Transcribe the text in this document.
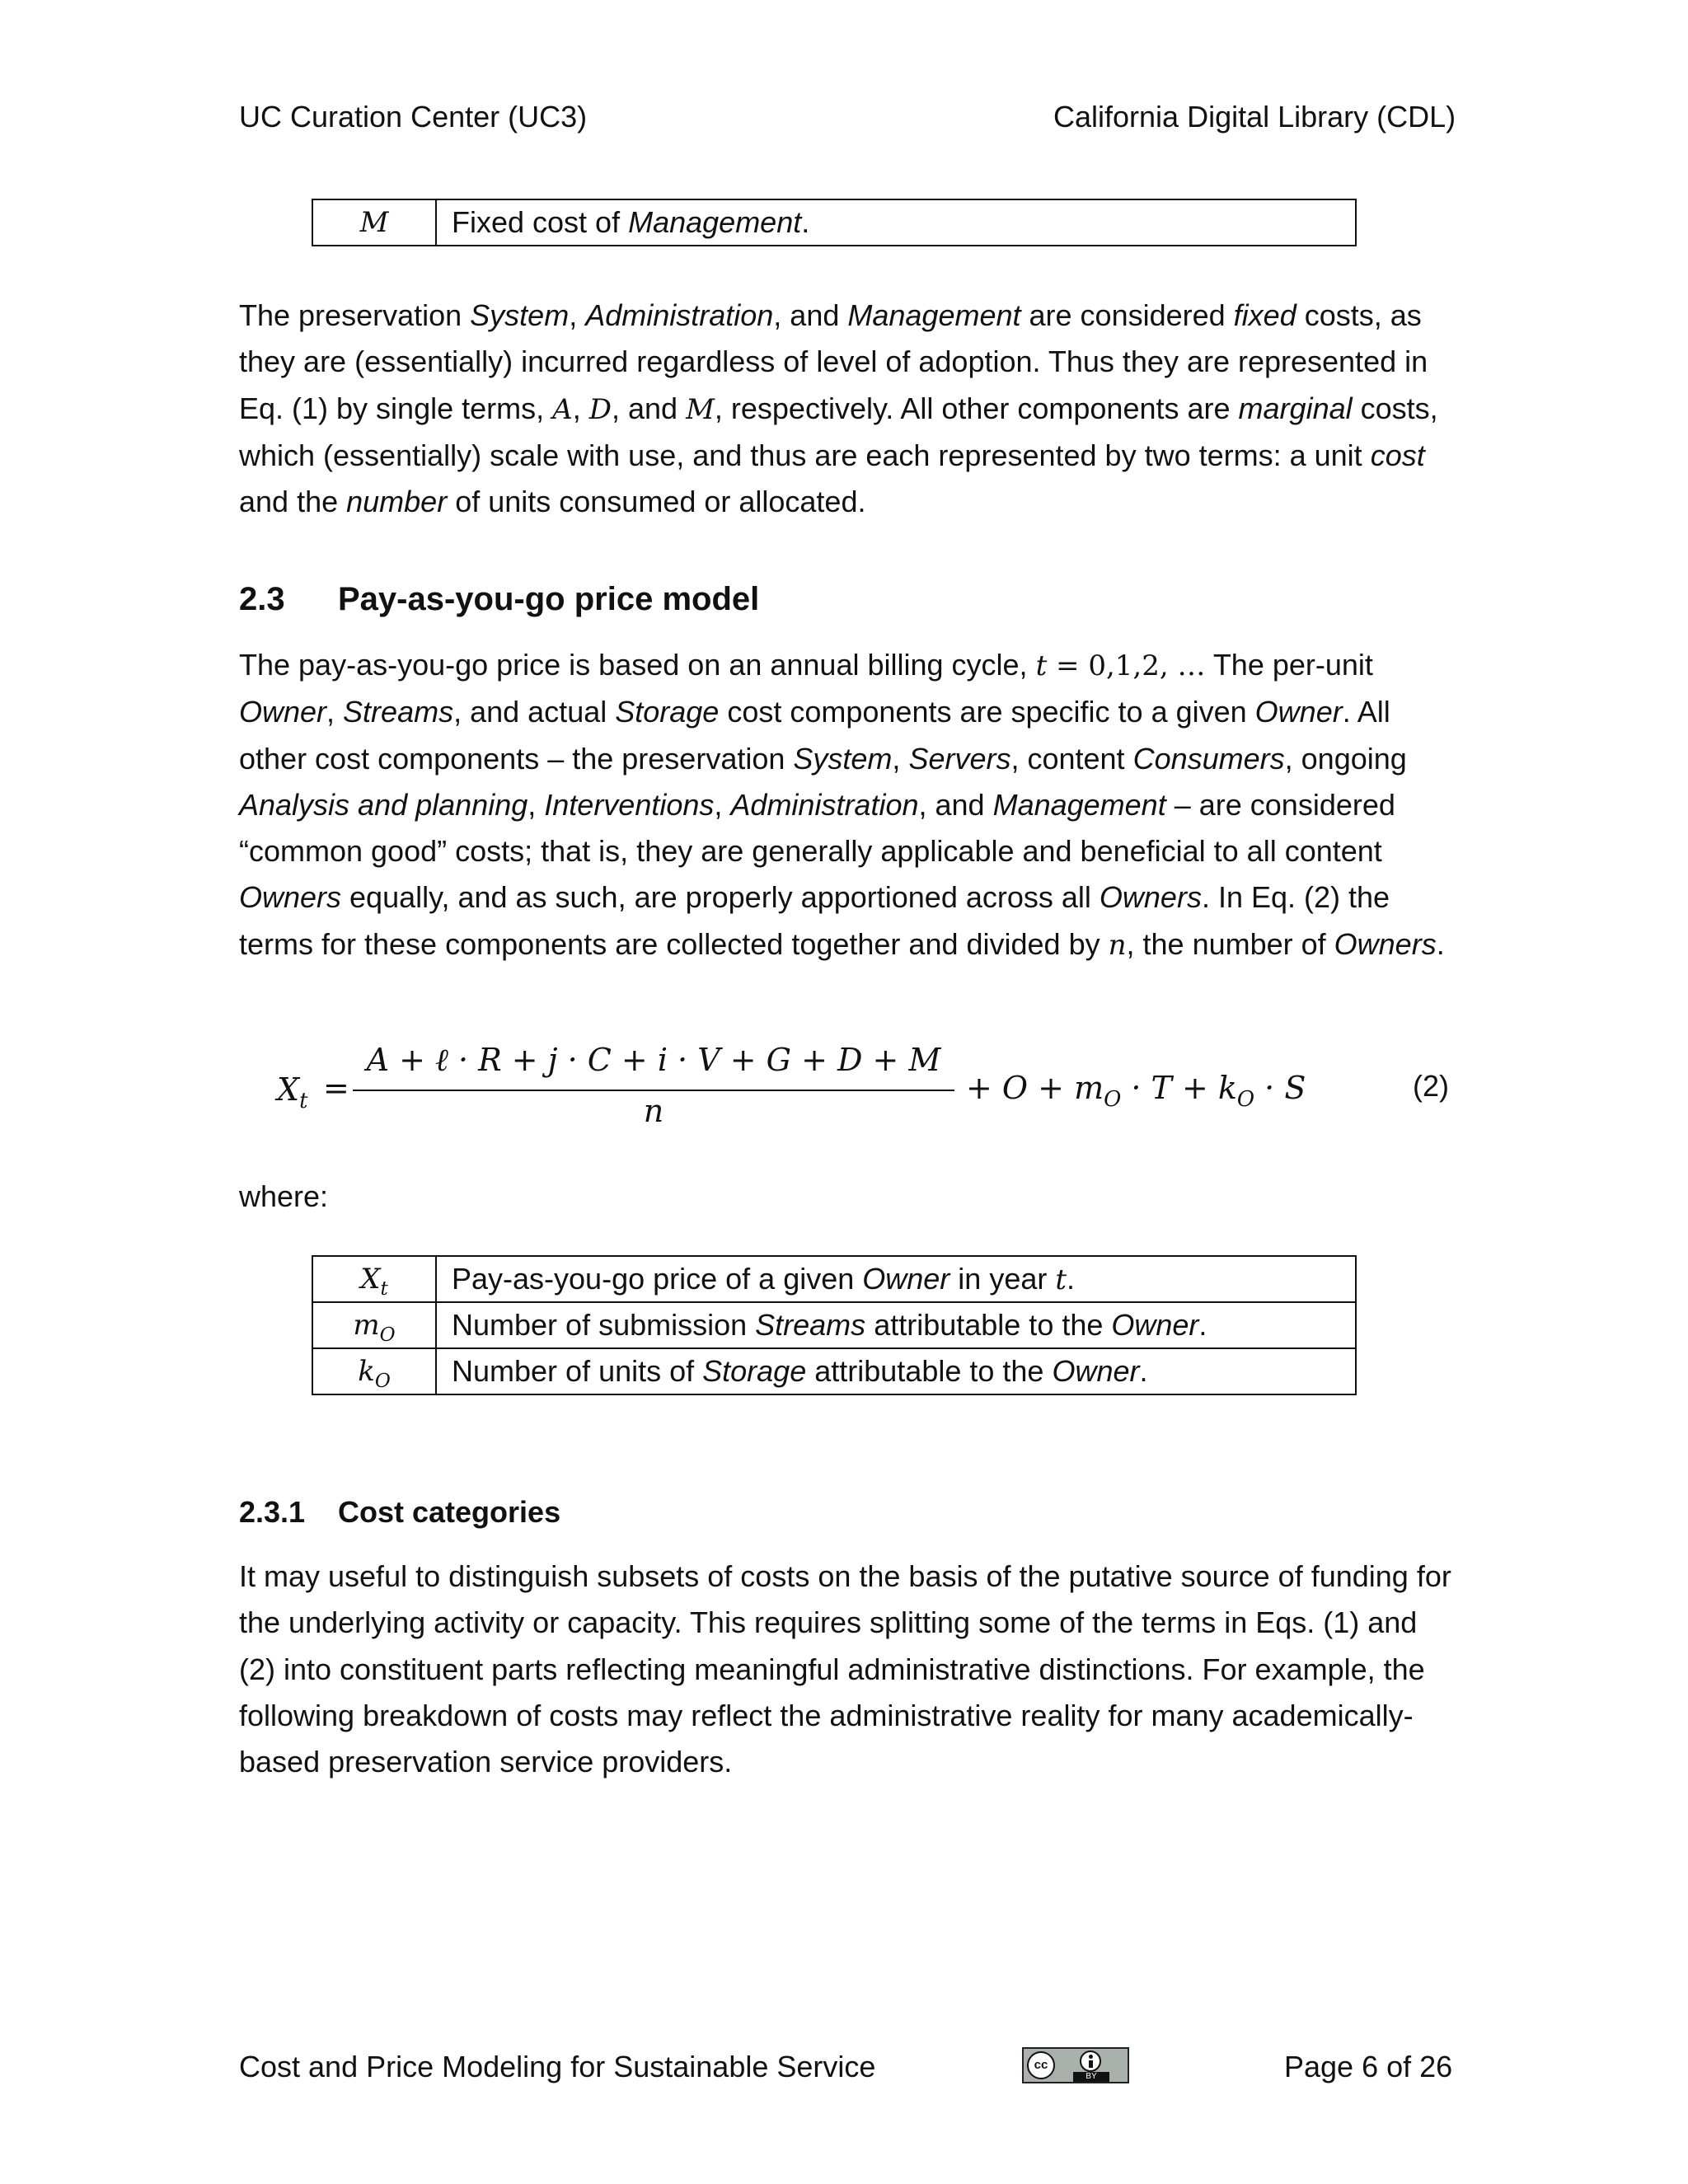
UC Curation Center (UC3)	California Digital Library (CDL)
M	Fixed cost of Management.

The preservation System, Administration, and Management are considered fixed costs, as they are (essentially) incurred regardless of level of adoption. Thus they are represented in Eq. (1) by single terms, A, D, and M, respectively. All other components are marginal costs, which (essentially) scale with use, and thus are each represented by two terms: a unit cost and the number of units consumed or allocated.

2.3 Pay-as-you-go price model

The pay-as-you-go price is based on an annual billing cycle, t = 0,1,2, … The per-unit Owner, Streams, and actual Storage cost components are specific to a given Owner. All other cost components – the preservation System, Servers, content Consumers, ongoing Analysis and planning, Interventions, Administration, and Management – are considered “common good” costs; that is, they are generally applicable and beneficial to all content Owners equally, and as such, are properly apportioned across all Owners. In Eq. (2) the terms for these components are collected together and divided by n, the number of Owners.

$X_t$ =
A + ℓ · R + j · C + i · V + G + D + M
n
+ $O + m_O \cdot T + k_O \cdot S$	(2)
where:
$X_t$	Pay-as-you-go price of a given Owner in year t.
$m_O$	Number of submission Streams attributable to the Owner.
$k_O$	Number of units of Storage attributable to the Owner.
2.3.1 Cost categories

It may useful to distinguish subsets of costs on the basis of the putative source of funding for the underlying activity or capacity. This requires splitting some of the terms in Eqs. (1) and (2) into constituent parts reflecting meaningful administrative distinctions. For example, the following breakdown of costs may reflect the administrative reality for many academically-based preservation service providers.

Cost and Price Modeling for Sustainable Service	cc
BY	Page 6 of 26
